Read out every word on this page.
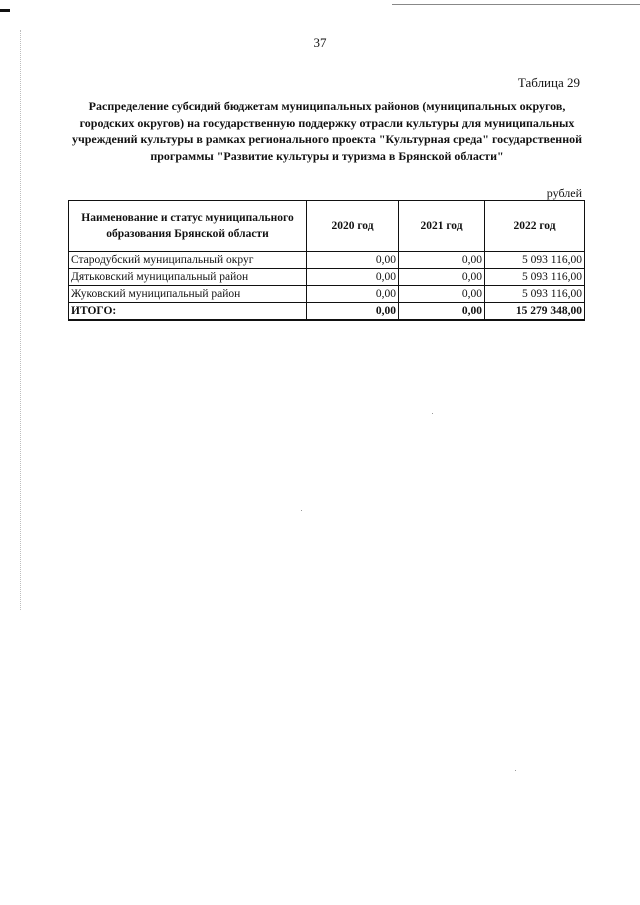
37
Таблица 29
Распределение субсидий бюджетам муниципальных районов (муниципальных округов, городских округов) на государственную поддержку отрасли культуры для муниципальных учреждений культуры в рамках регионального проекта "Культурная среда" государственной программы "Развитие культуры и туризма в Брянской области"
рублей
Наименование и статус муниципального образования Брянской области	2020 год	2021 год	2022 год
Стародубский муниципальный округ	0,00	0,00	5 093 116,00
Дятьковский муниципальный район	0,00	0,00	5 093 116,00
Жуковский муниципальный район	0,00	0,00	5 093 116,00
ИТОГО:	0,00	0,00	15 279 348,00
